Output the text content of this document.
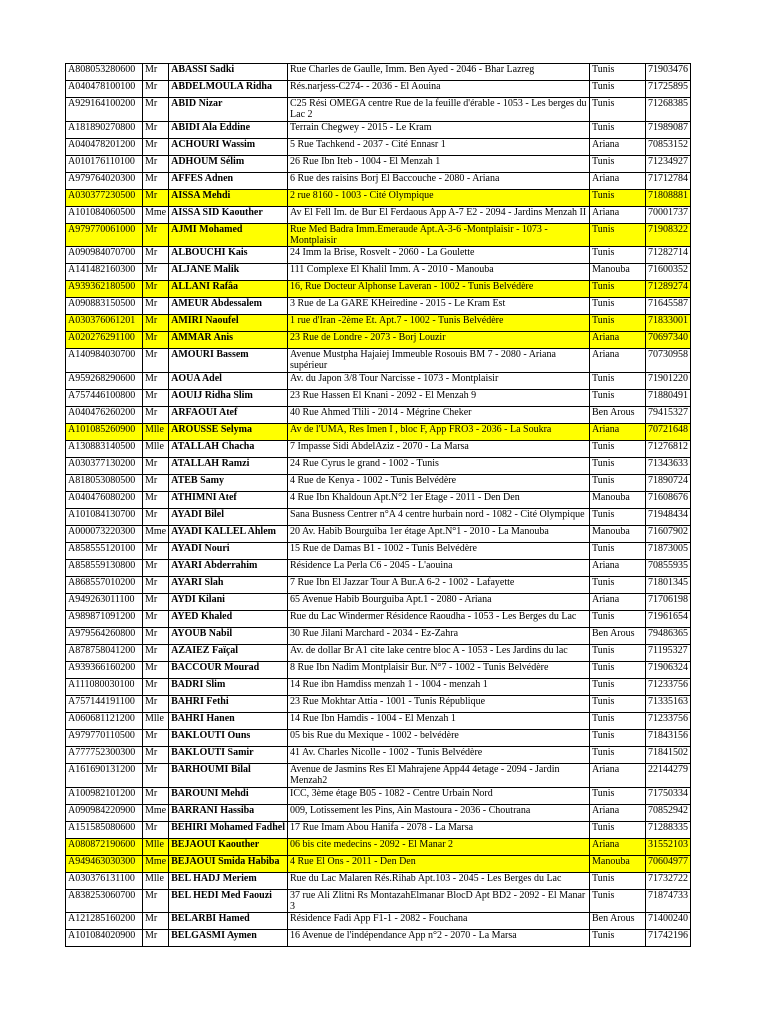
A808053280600	Mr	ABASSI Sadki	Rue Charles de Gaulle, Imm. Ben Ayed - 2046 - Bhar Lazreg	Tunis	71903476
A040478100100	Mr	ABDELMOULA Ridha	Rés.narjess-C274- - 2036 - El Aouina	Tunis	71725895
A929164100200	Mr	ABID Nizar	C25 Rési OMEGA centre Rue de la feuille d'érable - 1053 - Les berges du Lac 2	Tunis	71268385
A181890270800	Mr	ABIDI Ala Eddine	Terrain Chegwey - 2015 - Le Kram	Tunis	71989087
A040478201200	Mr	ACHOURI Wassim	5 Rue Tachkend - 2037 - Cité Ennasr 1	Ariana	70853152
A010176110100	Mr	ADHOUM Sélim	26 Rue Ibn Iteb - 1004 - El Menzah 1	Tunis	71234927
A979764020300	Mr	AFFES Adnen	6 Rue des raisins Borj El Baccouche - 2080 - Ariana	Ariana	71712784
A030377230500	Mr	AISSA Mehdi	2 rue 8160 - 1003 - Cité Olympique	Tunis	71808881
A101084060500	Mme	AISSA SID Kaouther	Av El Fell Im. de Bur El Ferdaous App A-7 E2 - 2094 - Jardins Menzah II	Ariana	70001737
A979770061000	Mr	AJMI Mohamed	Rue Med Badra Imm.Emeraude Apt.A-3-6 -Montplaisir - 1073 - Montplaisir	Tunis	71908322
A090984070700	Mr	ALBOUCHI Kais	24 Imm la Brise, Rosvelt - 2060 - La Goulette	Tunis	71282714
A141482160300	Mr	ALJANE Malik	111 Complexe El Khalil Imm. A - 2010 - Manouba	Manouba	71600352
A939362180500	Mr	ALLANI Rafâa	16, Rue Docteur Alphonse Laveran - 1002 - Tunis Belvédère	Tunis	71289274
A090883150500	Mr	AMEUR Abdessalem	3 Rue de La GARE KHeiredine - 2015 - Le Kram Est	Tunis	71645587
A030376061201	Mr	AMIRI Naoufel	1 rue d'Iran -2ème Et. Apt.7 - 1002 - Tunis Belvédère	Tunis	71833001
A020276291100	Mr	AMMAR Anis	23 Rue de Londre - 2073 - Borj Louzir	Ariana	70697340
A140984030700	Mr	AMOURI Bassem	Avenue Mustpha Hajaiej Immeuble Rosouis BM 7 - 2080 - Ariana supérieur	Ariana	70730958
A959268290600	Mr	AOUA Adel	Av. du Japon 3/8 Tour Narcisse - 1073 - Montplaisir	Tunis	71901220
A757446100800	Mr	AOUIJ Ridha Slim	23 Rue Hassen El Knani - 2092 - El Menzah 9	Tunis	71880491
A040476260200	Mr	ARFAOUI Atef	40 Rue Ahmed Tlili - 2014 - Mégrine Cheker	Ben Arous	79415327
A101085260900	Mlle	AROUSSE Selyma	Av de l'UMA, Res Imen I , bloc F, App FRO3 - 2036 - La Soukra	Ariana	70721648
A130883140500	Mlle	ATALLAH Chacha	7 Impasse Sidi AbdelAziz - 2070 - La Marsa	Tunis	71276812
A030377130200	Mr	ATALLAH Ramzi	24 Rue Cyrus le grand - 1002 - Tunis	Tunis	71343633
A818053080500	Mr	ATEB Samy	4 Rue de Kenya - 1002 - Tunis Belvédère	Tunis	71890724
A040476080200	Mr	ATHIMNI Atef	4 Rue Ibn Khaldoun Apt.N°2 1er Etage - 2011 - Den Den	Manouba	71608676
A101084130700	Mr	AYADI Bilel	Sana Busness Centrer n°A 4 centre hurbain nord - 1082 - Cité Olympique	Tunis	71948434
A000073220300	Mme	AYADI KALLEL Ahlem	20 Av. Habib Bourguiba 1er étage Apt.N°1 - 2010 - La Manouba	Manouba	71607902
A858555120100	Mr	AYADI Nouri	15 Rue de Damas B1 - 1002 - Tunis Belvédère	Tunis	71873005
A858559130800	Mr	AYARI Abderrahim	Résidence La Perla C6 - 2045 - L'aouina	Ariana	70855935
A868557010200	Mr	AYARI Slah	7 Rue Ibn El Jazzar Tour A Bur.A 6-2 - 1002 - Lafayette	Tunis	71801345
A949263011100	Mr	AYDI Kilani	65 Avenue Habib Bourguiba Apt.1 - 2080 - Ariana	Ariana	71706198
A989871091200	Mr	AYED Khaled	Rue du Lac Windermer Résidence Raoudha - 1053 - Les Berges du Lac	Tunis	71961654
A979564260800	Mr	AYOUB Nabil	30 Rue Jilani Marchard - 2034 - Ez-Zahra	Ben Arous	79486365
A878758041200	Mr	AZAIEZ Faïçal	Av. de dollar Br A1 cite lake centre bloc A - 1053 - Les Jardins du lac	Tunis	71195327
A939366160200	Mr	BACCOUR Mourad	8 Rue Ibn Nadim Montplaisir Bur. N°7 - 1002 - Tunis Belvédère	Tunis	71906324
A111080030100	Mr	BADRI Slim	14 Rue ibn Hamdiss menzah 1 - 1004 - menzah 1	Tunis	71233756
A757144191100	Mr	BAHRI Fethi	23 Rue Mokhtar Attia - 1001 - Tunis République	Tunis	71335163
A060681121200	Mlle	BAHRI Hanen	14 Rue Ibn Hamdis - 1004 - El Menzah 1	Tunis	71233756
A979770110500	Mr	BAKLOUTI Ouns	05 bis Rue du Mexique - 1002 - belvédère	Tunis	71843156
A777752300300	Mr	BAKLOUTI Samir	41 Av. Charles Nicolle - 1002 - Tunis Belvédère	Tunis	71841502
A161690131200	Mr	BARHOUMI Bilal	Avenue de Jasmins Res El Mahrajene App44 4etage - 2094 - Jardin Menzah2	Ariana	22144279
A100982101200	Mr	BAROUNI Mehdi	ICC, 3ème étage B05 - 1082 - Centre Urbain Nord	Tunis	71750334
A090984220900	Mme	BARRANI Hassiba	009, Lotissement les Pins, Ain Mastoura - 2036 - Choutrana	Ariana	70852942
A151585080600	Mr	BEHIRI Mohamed Fadhel	17 Rue Imam Abou Hanifa - 2078 - La Marsa	Tunis	71288335
A080872190600	Mlle	BEJAOUI Kaouther	06 bis cite medecins - 2092 - El Manar 2	Ariana	31552103
A949463030300	Mme	BEJAOUI Smida Habiba	4 Rue El Ons - 2011 - Den Den	Manouba	70604977
A030376131100	Mlle	BEL HADJ Meriem	Rue du Lac Malaren Rés.Rihab Apt.103 - 2045 - Les Berges du Lac	Tunis	71732722
A838253060700	Mr	BEL HEDI Med Faouzi	37 rue Ali Zlitni Rs MontazahElmanar BlocD Apt BD2 - 2092 - El Manar 3	Tunis	71874733
A121285160200	Mr	BELARBI Hamed	Résidence Fadi App F1-1 - 2082 - Fouchana	Ben Arous	71400240
A101084020900	Mr	BELGASMI Aymen	16 Avenue de l'indépendance App n°2 - 2070 - La Marsa	Tunis	71742196
